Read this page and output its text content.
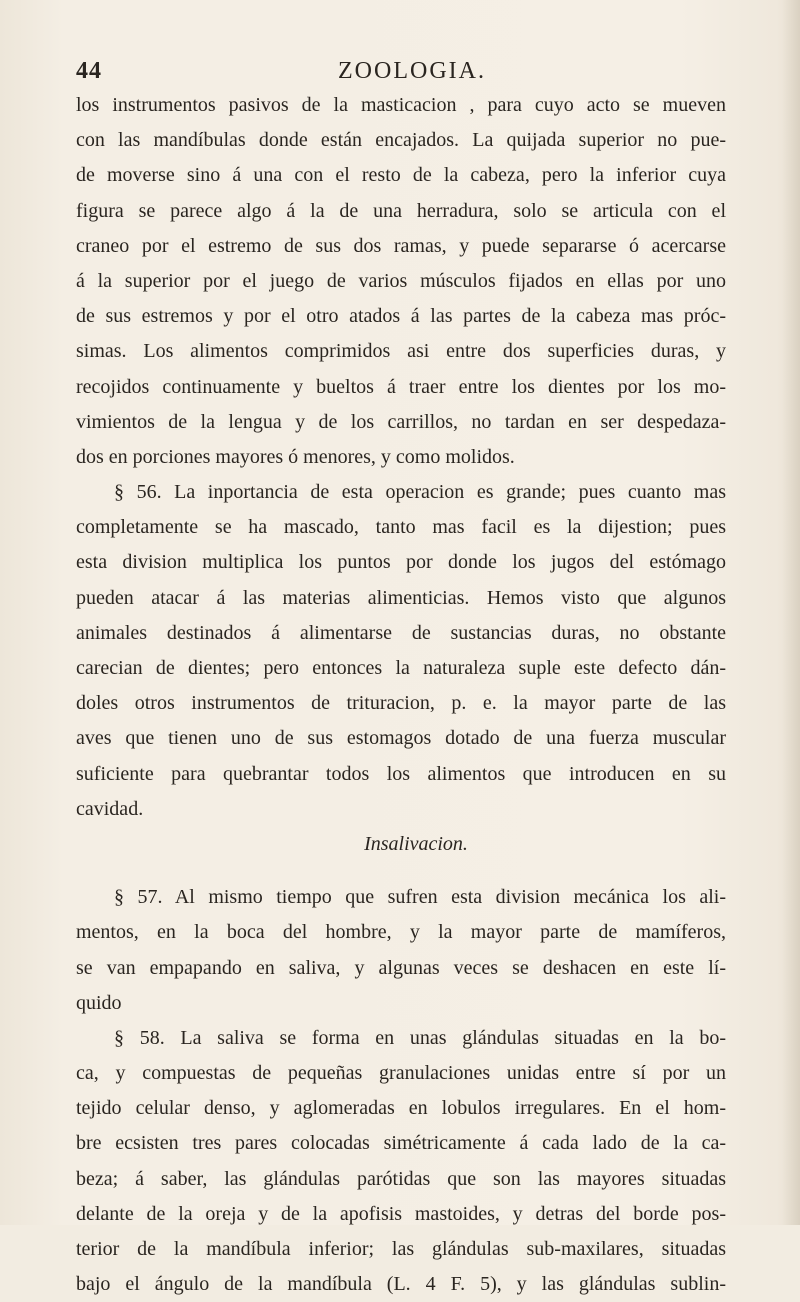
44	ZOOLOGIA.
los instrumentos pasivos de la masticacion , para cuyo acto se mueven
con las mandíbulas donde están encajados. La quijada superior no pue-
de moverse sino á una con el resto de la cabeza, pero la inferior cuya
figura se parece algo á la de una herradura, solo se articula con el
craneo por el estremo de sus dos ramas, y puede separarse ó acercarse
á la superior por el juego de varios músculos fijados en ellas por uno
de sus estremos y por el otro atados á las partes de la cabeza mas próc-
simas. Los alimentos comprimidos asi entre dos superficies duras, y
recojidos continuamente y bueltos á traer entre los dientes por los mo-
vimientos de la lengua y de los carrillos, no tardan en ser despedaza-
dos en porciones mayores ó menores, y como molidos.
§ 56. La inportancia de esta operacion es grande; pues cuanto mas
completamente se ha mascado, tanto mas facil es la dijestion; pues
esta division multiplica los puntos por donde los jugos del estómago
pueden atacar á las materias alimenticias. Hemos visto que algunos
animales destinados á alimentarse de sustancias duras, no obstante
carecian de dientes; pero entonces la naturaleza suple este defecto dán-
doles otros instrumentos de trituracion, p. e. la mayor parte de las
aves que tienen uno de sus estomagos dotado de una fuerza muscular
suficiente para quebrantar todos los alimentos que introducen en su
cavidad.
Insalivacion.
§ 57. Al mismo tiempo que sufren esta division mecánica los ali-
mentos, en la boca del hombre, y la mayor parte de mamíferos,
se van empapando en saliva, y algunas veces se deshacen en este lí-
quido
§ 58. La saliva se forma en unas glándulas situadas en la bo-
ca, y compuestas de pequeñas granulaciones unidas entre sí por un
tejido celular denso, y aglomeradas en lobulos irregulares. En el hom-
bre ecsisten tres pares colocadas simétricamente á cada lado de la ca-
beza; á saber, las glándulas parótidas que son las mayores situadas
delante de la oreja y de la apofisis mastoides, y detras del borde pos-
terior de la mandíbula inferior; las glándulas sub-maxilares, situadas
bajo el ángulo de la mandíbula (L. 4 F. 5), y las glándulas sublin-
